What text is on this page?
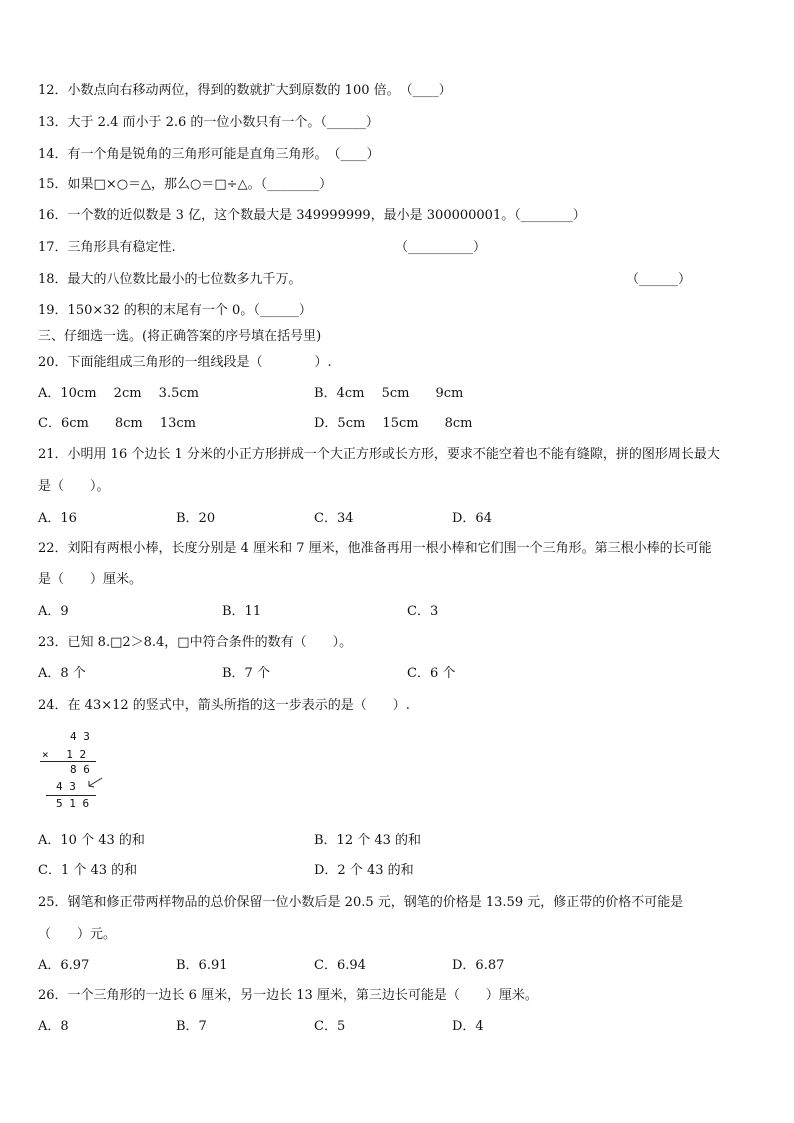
12．小数点向右移动两位，得到的数就扩大到原数的 100 倍。　（____）
13．大于 2.4 而小于 2.6 的一位小数只有一个。（______）
14．有一个角是锐角的三角形可能是直角三角形。　（____）
15．如果□×○＝△，那么○＝□÷△。（________）
16．一个数的近似数是 3 亿，这个数最大是 349999999，最小是 300000001。（________）
17．三角形具有稳定性.	（__________）
18．最大的八位数比最小的七位数多九千万。	（______）
19．150×32 的积的末尾有一个 0。（______）
三、仔细选一选。(将正确答案的序号填在括号里)
20．下面能组成三角形的一组线段是（　　　　）.
A．10cm　 2cm　 3.5cm	B．4cm　 5cm　　9cm
C．6cm　　8cm　 13cm	D．5cm　 15cm　　8cm
21．小明用 16 个边长 1 分米的小正方形拼成一个大正方形或长方形，要求不能空着也不能有缝隙，拼的图形周长最大
是（　　）。
A．16	B．20	C．34	D．64
22．刘阳有两根小棒，长度分别是 4 厘米和 7 厘米，他准备再用一根小棒和它们围一个三角形。第三根小棒的长可能
是（　　）厘米。
A．9	B．11	C．3
23．已知 8.□2＞8.4，□中符合条件的数有（　　）。
A．8 个	B．7 个	C．6 个
24．在 43×12 的竖式中，箭头所指的这一步表示的是（　　）.
4 3
× 　1 2
8 6
4 3
5 1 6
A．10 个 43 的和	B．12 个 43 的和
C．1 个 43 的和	D．2 个 43 的和
25．钢笔和修正带两样物品的总价保留一位小数后是 20.5 元，钢笔的价格是 13.59 元，修正带的价格不可能是
（　　）元。
A．6.97	B．6.91	C．6.94	D．6.87
26．一个三角形的一边长 6 厘米，另一边长 13 厘米，第三边长可能是（　　）厘米。
A．8	B．7	C．5	D．4
